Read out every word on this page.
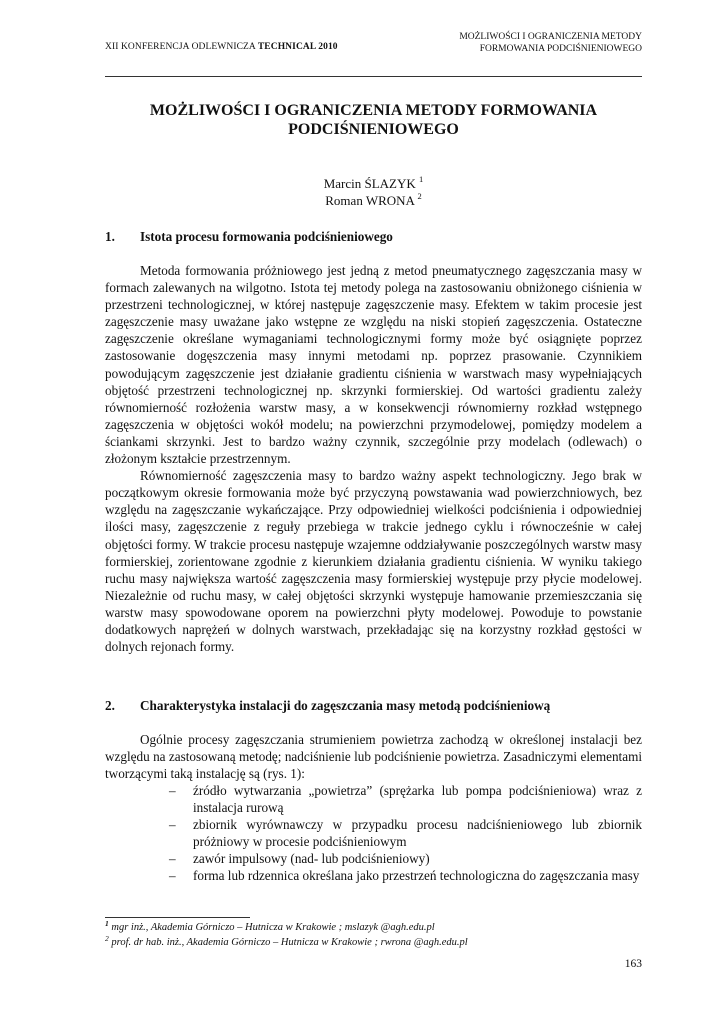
XII KONFERENCJA ODLEWNICZA TECHNICAL 2010
MOŻLIWOŚCI I OGRANICZENIA METODY
FORMOWANIA PODCIŚNIENIOWEGO
MOŻLIWOŚCI I OGRANICZENIA METODY FORMOWANIA
PODCIŚNIENIOWEGO
Marcin ŚLAZYK $^1$
Roman WRONA $^2$
1. Istota procesu formowania podciśnieniowego

Metoda formowania próżniowego jest jedną z metod pneumatycznego zagęszczania masy w formach zalewanych na wilgotno. Istota tej metody polega na zastosowaniu obniżonego ciśnienia w przestrzeni technologicznej, w której następuje zagęszczenie masy. Efektem w takim procesie jest zagęszczenie masy uważane jako wstępne ze względu na niski stopień zagęszczenia. Ostateczne zagęszczenie określane wymaganiami technologicznymi formy może być osiągnięte poprzez zastosowanie dogęszczenia masy innymi metodami np. poprzez prasowanie. Czynnikiem powodującym zagęszczenie jest działanie gradientu ciśnienia w warstwach masy wypełniających objętość przestrzeni technologicznej np. skrzynki formierskiej. Od wartości gradientu zależy równomierność rozłożenia warstw masy, a w konsekwencji równomierny rozkład wstępnego zagęszczenia w objętości wokół modelu; na powierzchni przymodelowej, pomiędzy modelem a ściankami skrzynki. Jest to bardzo ważny czynnik, szczególnie przy modelach (odlewach) o złożonym kształcie przestrzennym.

Równomierność zagęszczenia masy to bardzo ważny aspekt technologiczny. Jego brak w początkowym okresie formowania może być przyczyną powstawania wad powierzchniowych, bez względu na zagęszczanie wykańczające. Przy odpowiedniej wielkości podciśnienia i odpowiedniej ilości masy, zagęszczenie z reguły przebiega w trakcie jednego cyklu i równocześnie w całej objętości formy. W trakcie procesu następuje wzajemne oddziaływanie poszczególnych warstw masy formierskiej, zorientowane zgodnie z kierunkiem działania gradientu ciśnienia. W wyniku takiego ruchu masy największa wartość zagęszczenia masy formierskiej występuje przy płycie modelowej. Niezależnie od ruchu masy, w całej objętości skrzynki występuje hamowanie przemieszczania się warstw masy spowodowane oporem na powierzchni płyty modelowej. Powoduje to powstanie dodatkowych naprężeń w dolnych warstwach, przekładając się na korzystny rozkład gęstości w dolnych rejonach formy.

2. Charakterystyka instalacji do zagęszczania masy metodą podciśnieniową

Ogólnie procesy zagęszczania strumieniem powietrza zachodzą w określonej instalacji bez względu na zastosowaną metodę; nadciśnienie lub podciśnienie powietrza. Zasadniczymi elementami tworzącymi taką instalację są (rys. 1):

– źródło wytwarzania „powietrza” (sprężarka lub pompa podciśnieniowa) wraz z instalacja rurową
– zbiornik wyrównawczy w przypadku procesu nadciśnieniowego lub zbiornik próżniowy w procesie podciśnieniowym
– zawór impulsowy (nad- lub podciśnieniowy)
– forma lub rdzennica określana jako przestrzeń technologiczna do zagęszczania masy
$^1$ mgr inż., Akademia Górniczo – Hutnicza w Krakowie ; mslazyk @agh.edu.pl
$^2$ prof. dr hab. inż., Akademia Górniczo – Hutnicza w Krakowie ; rwrona @agh.edu.pl
163
